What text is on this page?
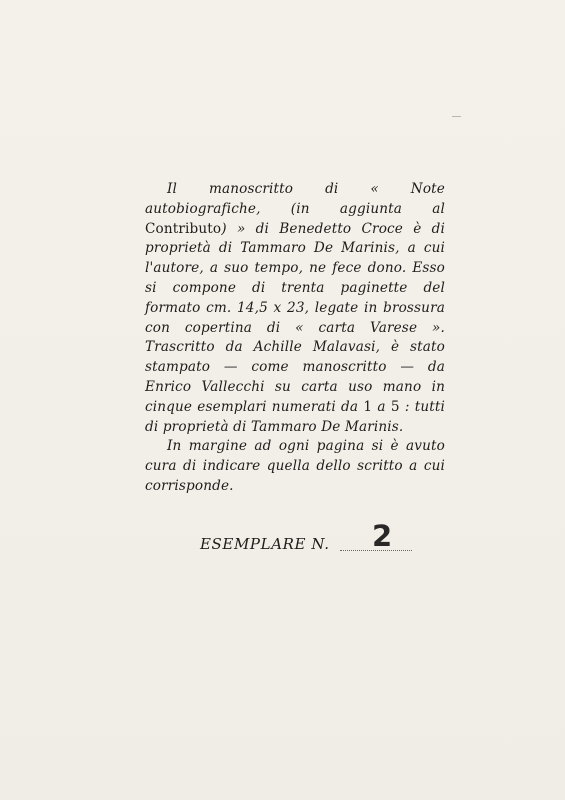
Il manoscritto di « Note autobiografiche, (in aggiunta al Contributo) » di Benedetto Croce è di proprietà di Tammaro De Marinis, a cui l'autore, a suo tempo, ne fece dono. Esso si compone di trenta paginette del formato cm. 14,5 x 23, legate in brossura con copertina di « carta Varese ». Trascritto da Achille Malavasi, è stato stampato — come manoscritto — da Enrico Vallecchi su carta uso mano in cinque esemplari numerati da 1 a 5 : tutti di proprietà di Tammaro De Marinis.

In margine ad ogni pagina si è avuto cura di indicare quella dello scritto a cui corrisponde.

ESEMPLARE N. 2
